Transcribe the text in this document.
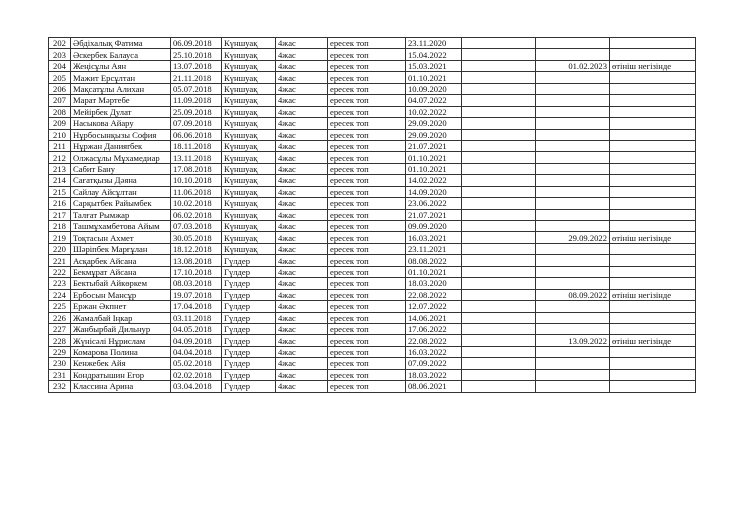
202	Әбдіхалық Фатима	06.09.2018	Күншуақ	4жас	ересек топ	23.11.2020			
203	Әскербек Балауса	25.10.2018	Күншуақ	4жас	ересек топ	15.04.2022			
204	Жеңісұлы Аян	13.07.2018	Күншуақ	4жас	ересек топ	15.03.2021		01.02.2023	өтініш негізінде
205	Мажит Ерсұлтан	21.11.2018	Күншуақ	4жас	ересек топ	01.10.2021			
206	Мақсатұлы Алихан	05.07.2018	Күншуақ	4жас	ересек топ	10.09.2020			
207	Марат Мәртебе	11.09.2018	Күншуақ	4жас	ересек топ	04.07.2022			
208	Мейірбек Дулат	25.09.2018	Күншуақ	4жас	ересек топ	10.02.2022			
209	Насыкова Айару	07.09.2018	Күншуақ	4жас	ересек топ	29.09.2020			
210	Нұрбосынқызы София	06.06.2018	Күншуақ	4жас	ересек топ	29.09.2020			
211	Нұржан Данияrбек	18.11.2018	Күншуақ	4жас	ересек топ	21.07.2021			
212	Олжасұлы Мұхамедиар	13.11.2018	Күншуақ	4жас	ересек топ	01.10.2021			
213	Сабит Бану	17.08.2018	Күншуақ	4жас	ересек топ	01.10.2021			
214	Сағатқызы Дәяна	10.10.2018	Күншуақ	4жас	ересек топ	14.02.2022			
215	Сайлау Айсұлтан	11.06.2018	Күншуақ	4жас	ересек топ	14.09.2020			
216	Сарқытбек Райымбек	10.02.2018	Күншуақ	4жас	ересек топ	23.06.2022			
217	Талғат Рымжар	06.02.2018	Күншуақ	4жас	ересек топ	21.07.2021			
218	Ташмұхамбетова Айым	07.03.2018	Күншуақ	4жас	ересек топ	09.09.2020			
219	Тоқтасын Ахмет	30.05.2018	Күншуақ	4жас	ересек топ	16.03.2021		29.09.2022	өтініш негізінде
220	Шәріпбек Марғұлан	18.12.2018	Күншуақ	4жас	ересек топ	23.11.2021			
221	Асқарбек Айсана	13.08.2018	Гүлдер	4жас	ересек топ	08.08.2022			
222	Бекмұрат Айсана	17.10.2018	Гүлдер	4жас	ересек топ	01.10.2021			
223	Бектыбай Айкөркем	08.03.2018	Гүлдер	4жас	ересек топ	18.03.2020			
224	Ербосын Мансұр	19.07.2018	Гүлдер	4жас	ересек топ	22.08.2022		08.09.2022	өтініш негізінде
225	Ержан Әкпнет	17.04.2018	Гүлдер	4жас	ересек топ	12.07.2022			
226	Жамалбай Іңкар	03.11.2018	Гүлдер	4жас	ересек топ	14.06.2021			
227	Жанбырбай Дильнур	04.05.2018	Гүлдер	4жас	ересек топ	17.06.2022			
228	Жүнісәлі Нұрислам	04.09.2018	Гүлдер	4жас	ересек топ	22.08.2022		13.09.2022	өтініш негізінде
229	Комарова Полина	04.04.2018	Гүлдер	4жас	ересек топ	16.03.2022			
230	Кенжебек Айя	05.02.2018	Гүлдер	4жас	ересек топ	07.09.2022			
231	Кондратышин Егор	02.02.2018	Гүлдер	4жас	ересек топ	18.03.2022			
232	Классина Арина	03.04.2018	Гүлдер	4жас	ересек топ	08.06.2021			
